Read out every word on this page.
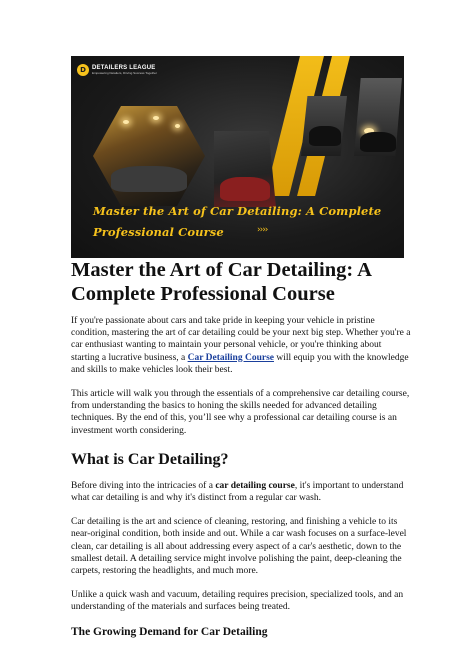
D	DETAILERS LEAGUE
Empowering Detailers, Driving Success Together
Master the Art of Car Detailing: A Complete
Professional Course	››››
Master the Art of Car Detailing: A Complete Professional Course

If you're passionate about cars and take pride in keeping your vehicle in pristine condition, mastering the art of car detailing could be your next big step. Whether you're a car enthusiast wanting to maintain your personal vehicle, or you're thinking about starting a lucrative business, a Car Detailing Course will equip you with the knowledge and skills to make vehicles look their best.

This article will walk you through the essentials of a comprehensive car detailing course, from understanding the basics to honing the skills needed for advanced detailing techniques. By the end of this, you’ll see why a professional car detailing course is an investment worth considering.

What is Car Detailing?

Before diving into the intricacies of a car detailing course, it's important to understand what car detailing is and why it's distinct from a regular car wash.

Car detailing is the art and science of cleaning, restoring, and finishing a vehicle to its near-original condition, both inside and out. While a car wash focuses on a surface-level clean, car detailing is all about addressing every aspect of a car's aesthetic, down to the smallest detail. A detailing service might involve polishing the paint, deep-cleaning the carpets, restoring the headlights, and much more.

Unlike a quick wash and vacuum, detailing requires precision, specialized tools, and an understanding of the materials and surfaces being treated.

The Growing Demand for Car Detailing
